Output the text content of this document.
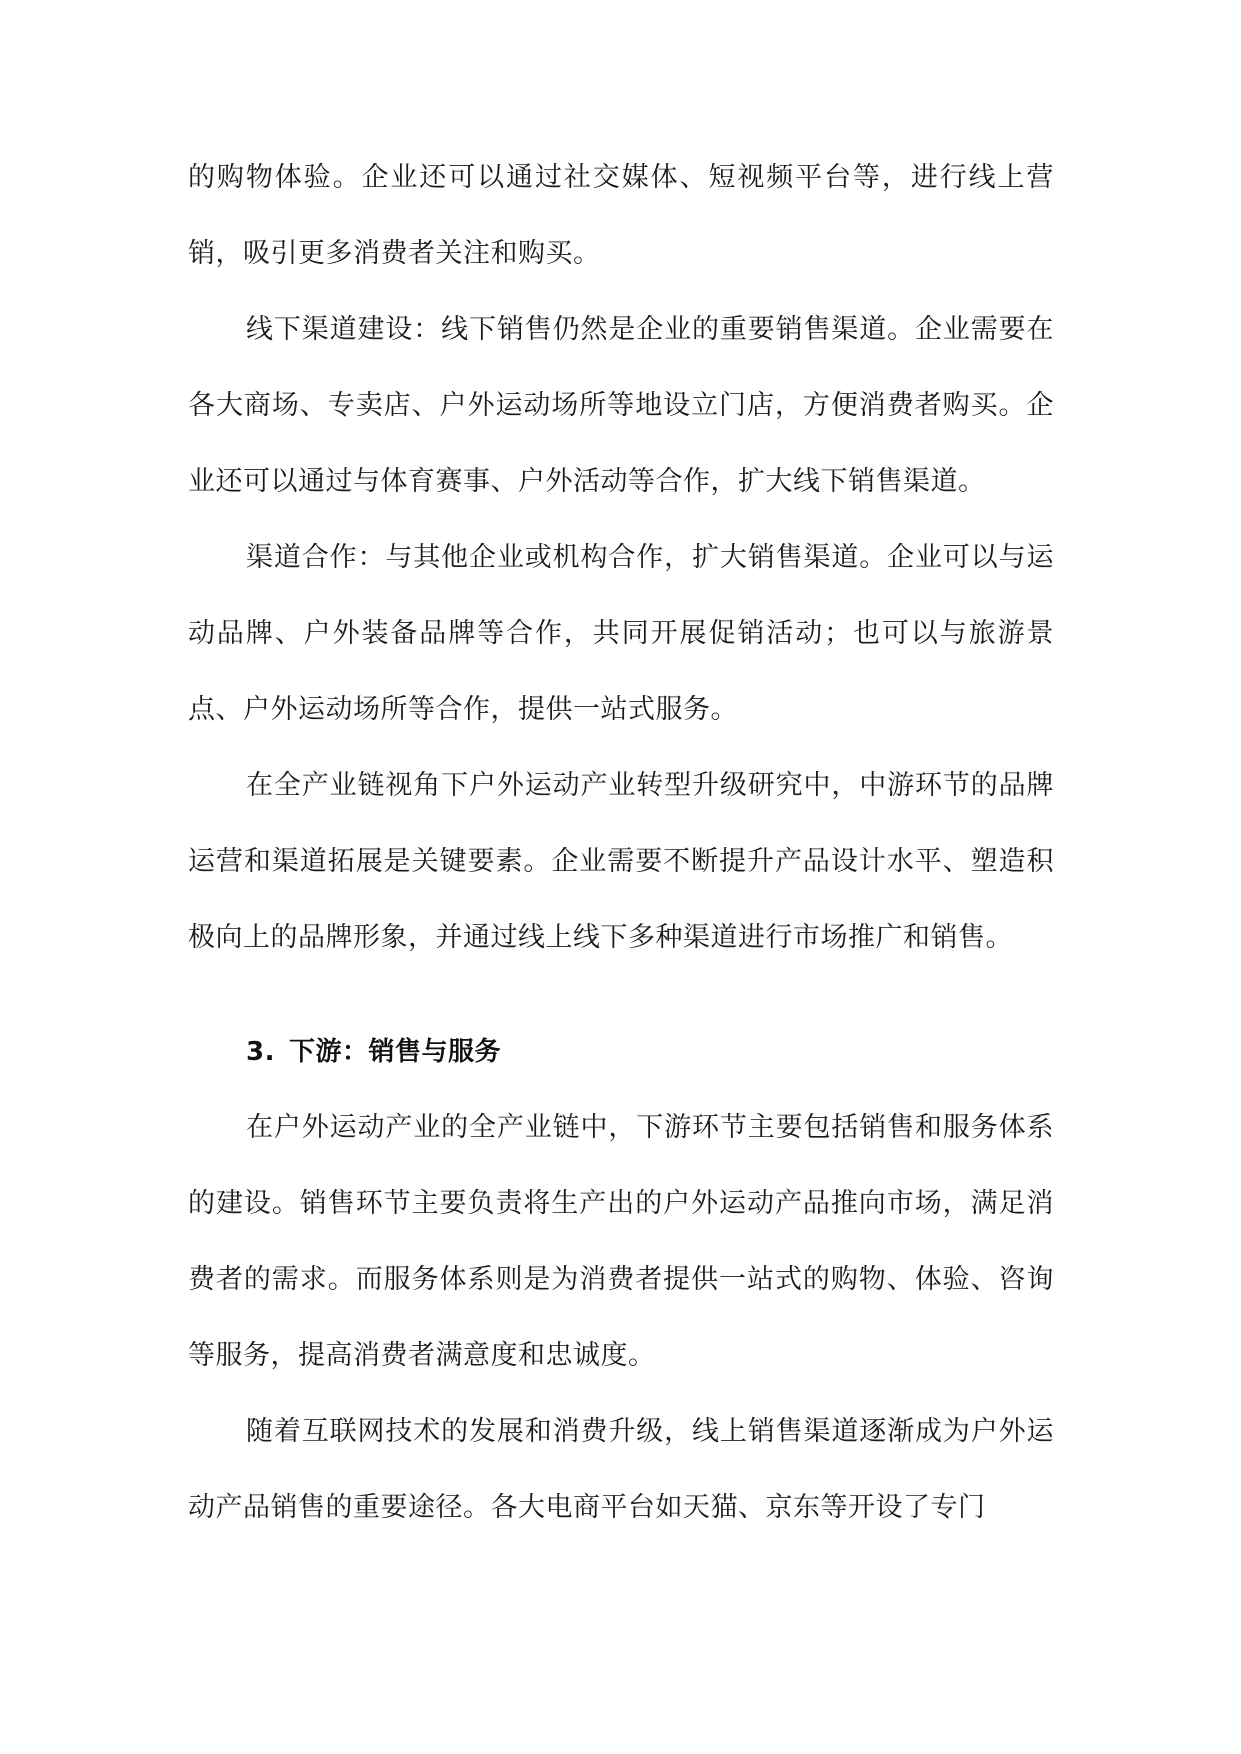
的购物体验。企业还可以通过社交媒体、短视频平台等，进行线上营销，吸引更多消费者关注和购买。

线下渠道建设：线下销售仍然是企业的重要销售渠道。企业需要在各大商场、专卖店、户外运动场所等地设立门店，方便消费者购买。企业还可以通过与体育赛事、户外活动等合作，扩大线下销售渠道。

渠道合作：与其他企业或机构合作，扩大销售渠道。企业可以与运动品牌、户外装备品牌等合作，共同开展促销活动；也可以与旅游景点、户外运动场所等合作，提供一站式服务。

在全产业链视角下户外运动产业转型升级研究中，中游环节的品牌运营和渠道拓展是关键要素。企业需要不断提升产品设计水平、塑造积极向上的品牌形象，并通过线上线下多种渠道进行市场推广和销售。

3. 下游：销售与服务

在户外运动产业的全产业链中，下游环节主要包括销售和服务体系的建设。销售环节主要负责将生产出的户外运动产品推向市场，满足消费者的需求。而服务体系则是为消费者提供一站式的购物、体验、咨询等服务，提高消费者满意度和忠诚度。

随着互联网技术的发展和消费升级，线上销售渠道逐渐成为户外运动产品销售的重要途径。各大电商平台如天猫、京东等开设了专门
